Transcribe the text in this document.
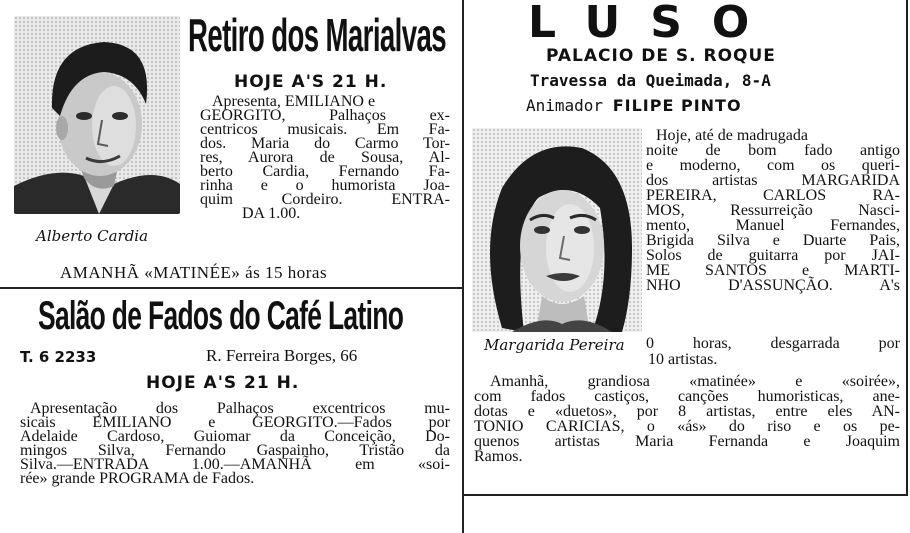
Alberto Cardia
Retiro dos Marialvas
HOJE A'S 21 H.
Apresenta, EMILIANO e
GEORGITO, Palhaços ex-
centricos musicais. Em Fa-
dos. Maria do Carmo Tor-
res, Aurora de Sousa, Al-
berto Cardia, Fernando Fa-
rinha e o humorista Joa-
quim Cordeiro. ENTRA-
DA 1.00.
AMANHÃ «MATINÉE» ás 15 horas
Salão de Fados do Café Latino
T. 6 2233	R. Ferreira Borges, 66
HOJE A'S 21 H.
Apresentação dos Palhaços excentricos mu-
sicais EMILIANO e GEORGITO.—Fados por
Adelaide Cardoso, Guiomar da Conceição, Do-
mingos Silva, Fernando Gaspainho, Tristão da
Silva.—ENTRADA 1.00.—AMANHÃ em «soi-
rée» grande PROGRAMA de Fados.
LUSO
PALACIO DE S. ROQUE
Travessa da Queimada, 8-A
Animador FILIPE PINTO
Hoje, até de madrugada
noite de bom fado antigo
e moderno, com os queri-
dos artistas MARGARIDA
PEREIRA, CARLOS RA-
MOS, Ressurreição Nasci-
mento, Manuel Fernandes,
Brigida Silva e Duarte Pais,
Solos de guitarra por JAI-
ME SANTOS e MARTI-
NHO D'ASSUNÇÃO. A's
Margarida Pereira 0 horas, desgarrada por
10 artistas.
Amanhã, grandiosa «matinée» e «soirée»,
com fados castiços, canções humoristicas, ane-
dotas e «duetos», por 8 artistas, entre eles AN-
TONIO CARICIAS, o «ás» do riso e os pe-
quenos artistas Maria Fernanda e Joaquim
Ramos.
